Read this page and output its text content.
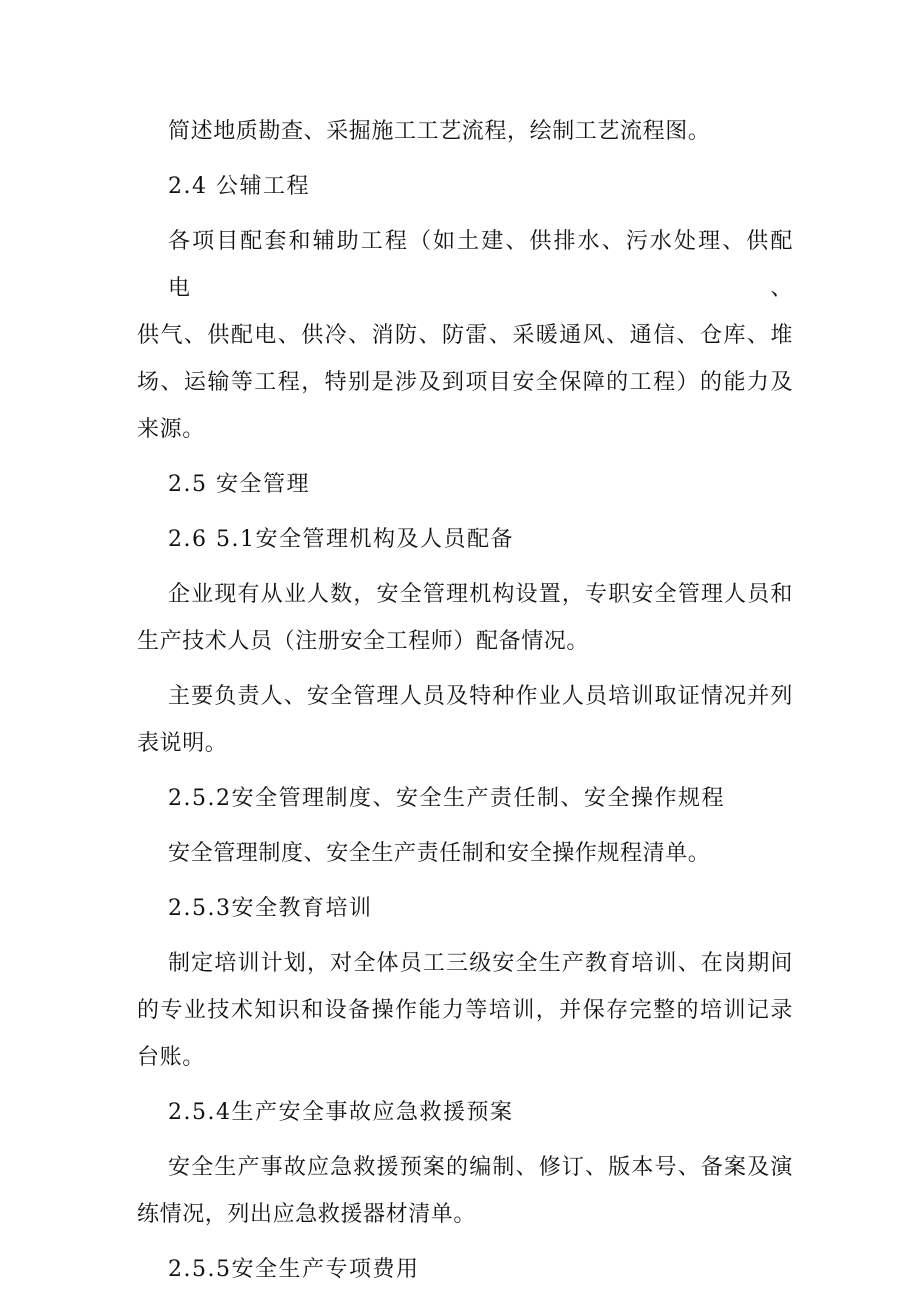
简述地质勘查、采掘施工工艺流程，绘制工艺流程图。

2.4 公辅工程

各项目配套和辅助工程（如土建、供排水、污水处理、供配电、

供气、供配电、供冷、消防、防雷、采暖通风、通信、仓库、堆

场、运输等工程，特别是涉及到项目安全保障的工程）的能力及

来源。

2.5 安全管理

2.6 5.1安全管理机构及人员配备

企业现有从业人数，安全管理机构设置，专职安全管理人员和

生产技术人员（注册安全工程师）配备情况。

主要负责人、安全管理人员及特种作业人员培训取证情况并列

表说明。

2.5.2安全管理制度、安全生产责任制、安全操作规程

安全管理制度、安全生产责任制和安全操作规程清单。

2.5.3安全教育培训

制定培训计划，对全体员工三级安全生产教育培训、在岗期间

的专业技术知识和设备操作能力等培训，并保存完整的培训记录

台账。

2.5.4生产安全事故应急救援预案

安全生产事故应急救援预案的编制、修订、版本号、备案及演

练情况，列出应急救援器材清单。

2.5.5安全生产专项费用
